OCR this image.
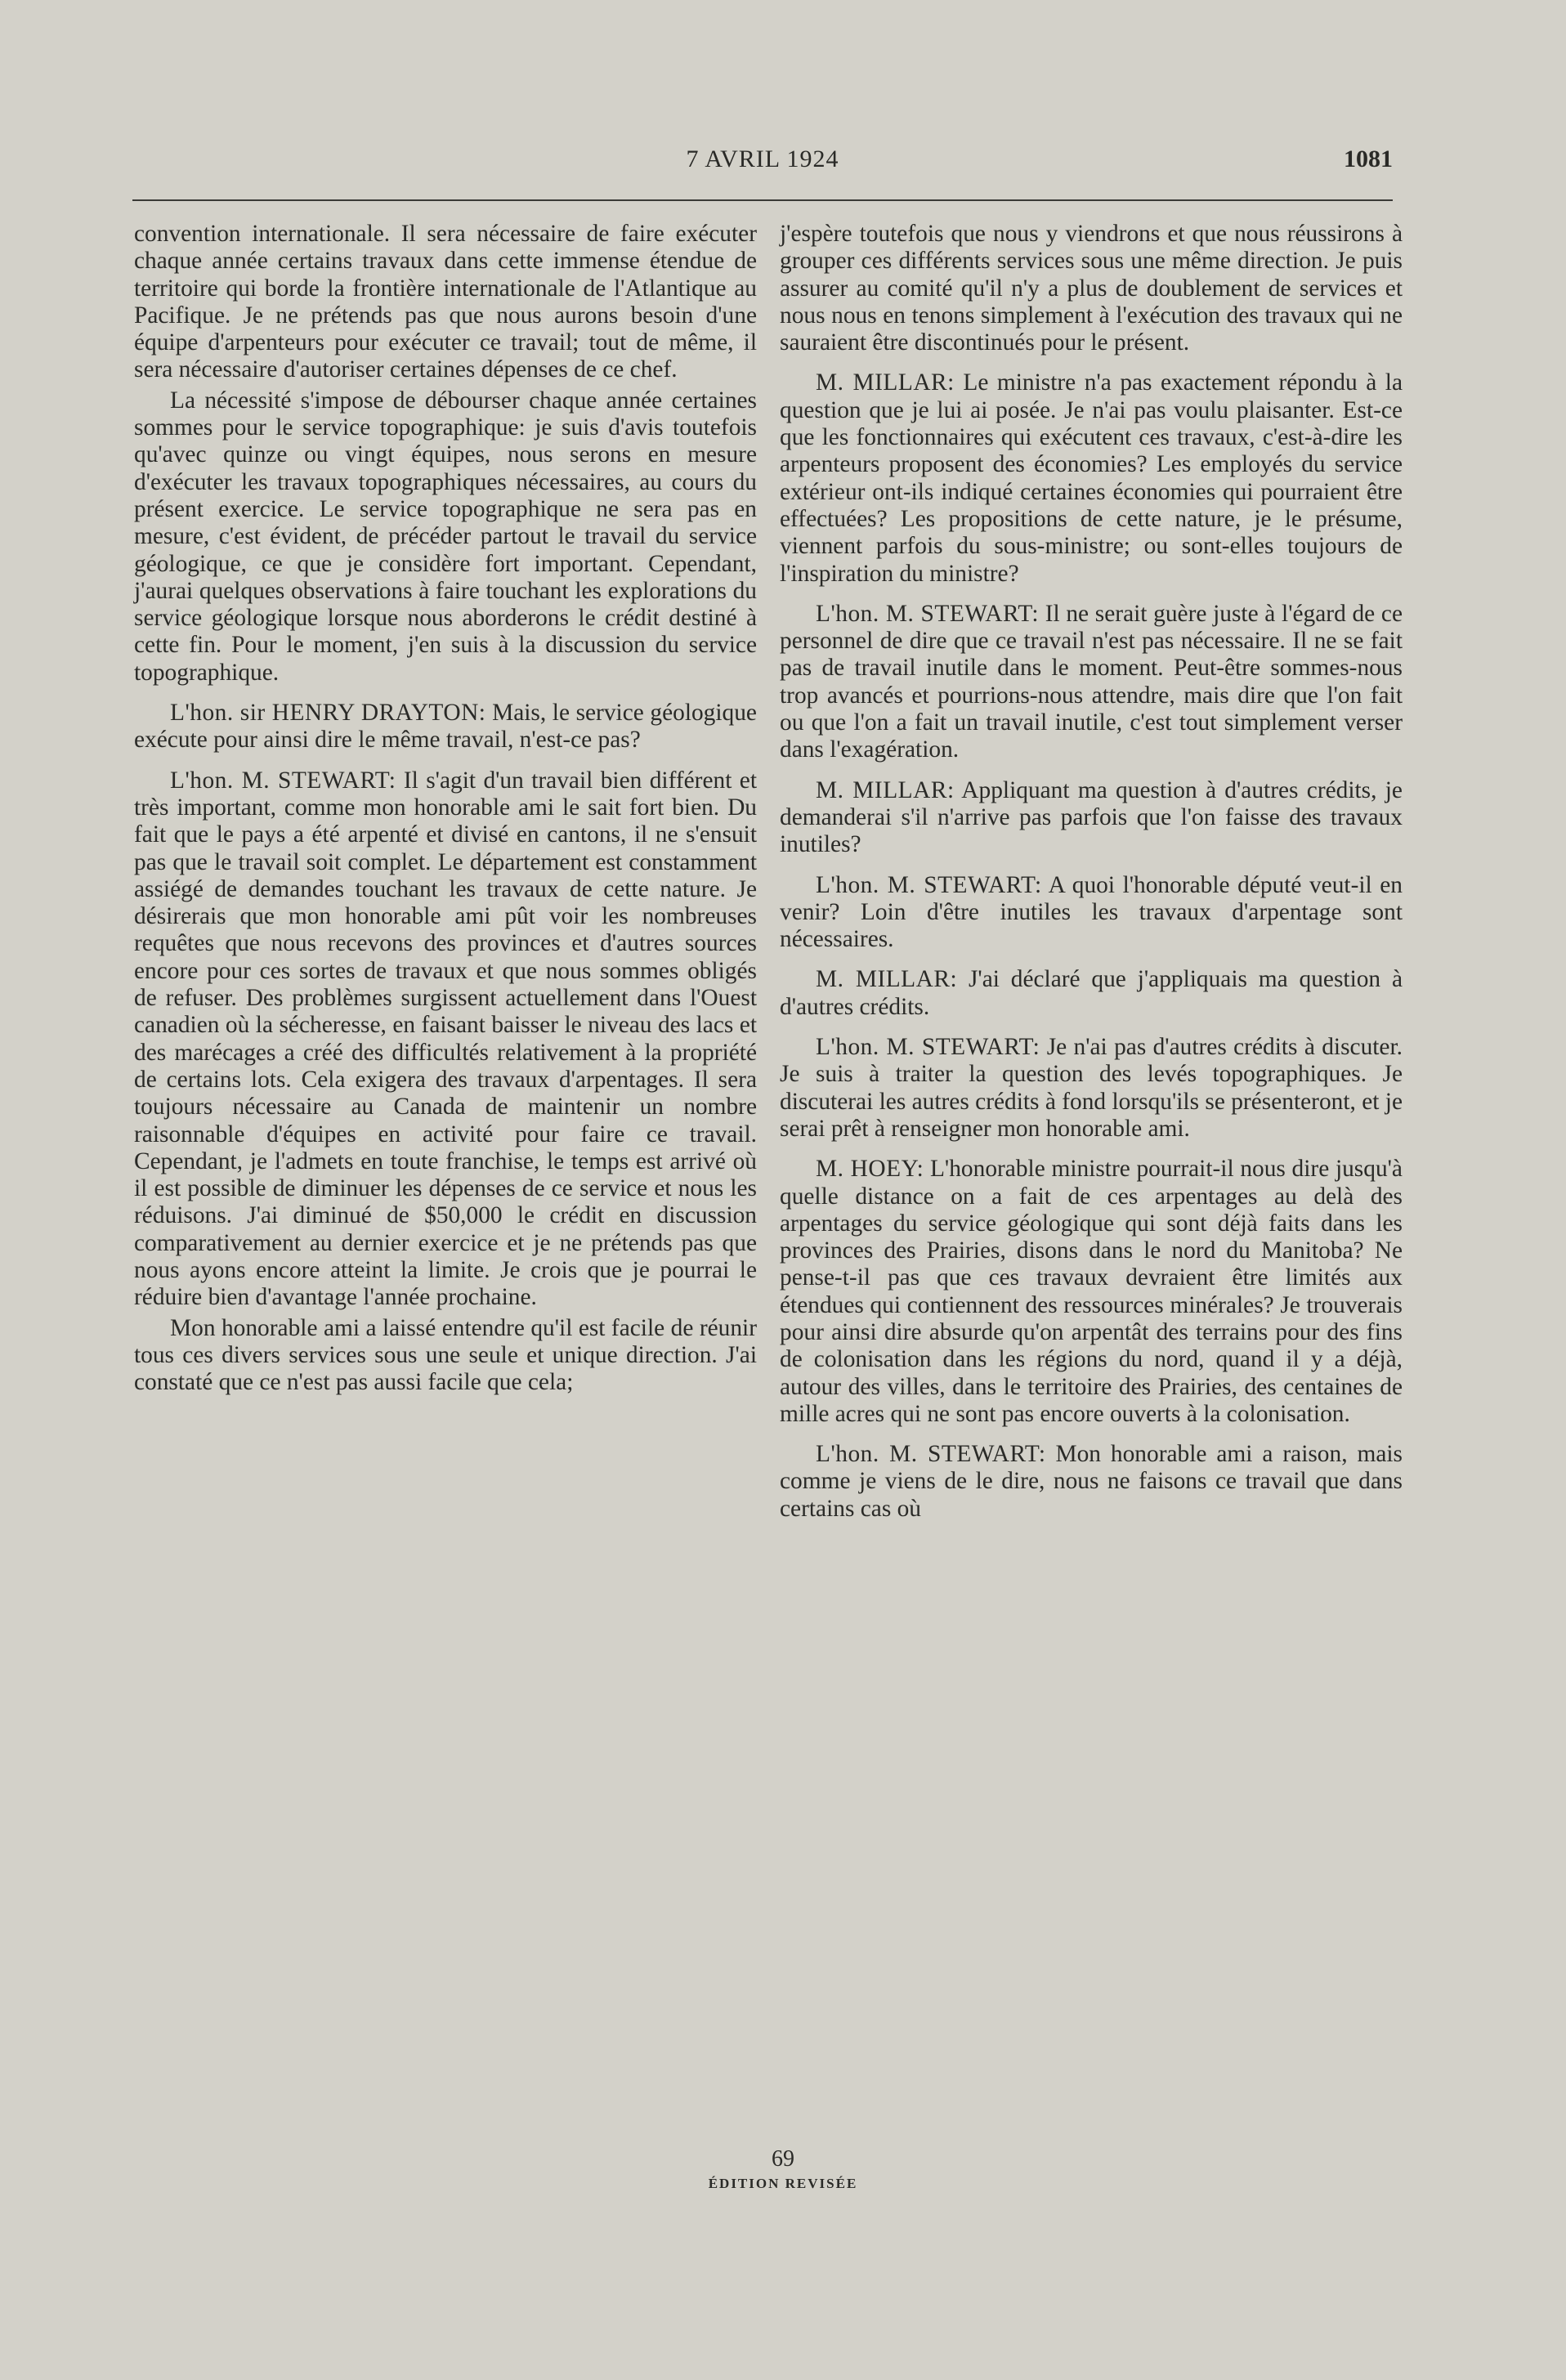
7 AVRIL 1924	1081

convention internationale. Il sera nécessaire de faire exécuter chaque année certains travaux dans cette immense étendue de territoire qui borde la frontière internationale de l'Atlantique au Pacifique. Je ne prétends pas que nous aurons besoin d'une équipe d'arpenteurs pour exécuter ce travail; tout de même, il sera nécessaire d'autoriser certaines dépenses de ce chef.

La nécessité s'impose de débourser chaque année certaines sommes pour le service topographique: je suis d'avis toutefois qu'avec quinze ou vingt équipes, nous serons en mesure d'exécuter les travaux topographiques nécessaires, au cours du présent exercice. Le service topographique ne sera pas en mesure, c'est évident, de précéder partout le travail du service géologique, ce que je considère fort important. Cependant, j'aurai quelques observations à faire touchant les explorations du service géologique lorsque nous aborderons le crédit destiné à cette fin. Pour le moment, j'en suis à la discussion du service topographique.

L'hon. sir HENRY DRAYTON: Mais, le service géologique exécute pour ainsi dire le même travail, n'est-ce pas?

L'hon. M. STEWART: Il s'agit d'un travail bien différent et très important, comme mon honorable ami le sait fort bien. Du fait que le pays a été arpenté et divisé en cantons, il ne s'ensuit pas que le travail soit complet. Le département est constamment assiégé de demandes touchant les travaux de cette nature. Je désirerais que mon honorable ami pût voir les nombreuses requêtes que nous recevons des provinces et d'autres sources encore pour ces sortes de travaux et que nous sommes obligés de refuser. Des problèmes surgissent actuellement dans l'Ouest canadien où la sécheresse, en faisant baisser le niveau des lacs et des marécages a créé des difficultés relativement à la propriété de certains lots. Cela exigera des travaux d'arpentages. Il sera toujours nécessaire au Canada de maintenir un nombre raisonnable d'équipes en activité pour faire ce travail. Cependant, je l'admets en toute franchise, le temps est arrivé où il est possible de diminuer les dépenses de ce service et nous les réduisons. J'ai diminué de $50,000 le crédit en discussion comparativement au dernier exercice et je ne prétends pas que nous ayons encore atteint la limite. Je crois que je pourrai le réduire bien d'avantage l'année prochaine.

Mon honorable ami a laissé entendre qu'il est facile de réunir tous ces divers services sous une seule et unique direction. J'ai constaté que ce n'est pas aussi facile que cela;

j'espère toutefois que nous y viendrons et que nous réussirons à grouper ces différents services sous une même direction. Je puis assurer au comité qu'il n'y a plus de doublement de services et nous nous en tenons simplement à l'exécution des travaux qui ne sauraient être discontinués pour le présent.

M. MILLAR: Le ministre n'a pas exactement répondu à la question que je lui ai posée. Je n'ai pas voulu plaisanter. Est-ce que les fonctionnaires qui exécutent ces travaux, c'est-à-dire les arpenteurs proposent des économies? Les employés du service extérieur ont-ils indiqué certaines économies qui pourraient être effectuées? Les propositions de cette nature, je le présume, viennent parfois du sous-ministre; ou sont-elles toujours de l'inspiration du ministre?

L'hon. M. STEWART: Il ne serait guère juste à l'égard de ce personnel de dire que ce travail n'est pas nécessaire. Il ne se fait pas de travail inutile dans le moment. Peut-être sommes-nous trop avancés et pourrions-nous attendre, mais dire que l'on fait ou que l'on a fait un travail inutile, c'est tout simplement verser dans l'exagération.

M. MILLAR: Appliquant ma question à d'autres crédits, je demanderai s'il n'arrive pas parfois que l'on faisse des travaux inutiles?

L'hon. M. STEWART: A quoi l'honorable député veut-il en venir? Loin d'être inutiles les travaux d'arpentage sont nécessaires.

M. MILLAR: J'ai déclaré que j'appliquais ma question à d'autres crédits.

L'hon. M. STEWART: Je n'ai pas d'autres crédits à discuter. Je suis à traiter la question des levés topographiques. Je discuterai les autres crédits à fond lorsqu'ils se présenteront, et je serai prêt à renseigner mon honorable ami.

M. HOEY: L'honorable ministre pourrait-il nous dire jusqu'à quelle distance on a fait de ces arpentages au delà des arpentages du service géologique qui sont déjà faits dans les provinces des Prairies, disons dans le nord du Manitoba? Ne pense-t-il pas que ces travaux devraient être limités aux étendues qui contiennent des ressources minérales? Je trouverais pour ainsi dire absurde qu'on arpentât des terrains pour des fins de colonisation dans les régions du nord, quand il y a déjà, autour des villes, dans le territoire des Prairies, des centaines de mille acres qui ne sont pas encore ouverts à la colonisation.

L'hon. M. STEWART: Mon honorable ami a raison, mais comme je viens de le dire, nous ne faisons ce travail que dans certains cas où

69
ÉDITION REVISÉE
